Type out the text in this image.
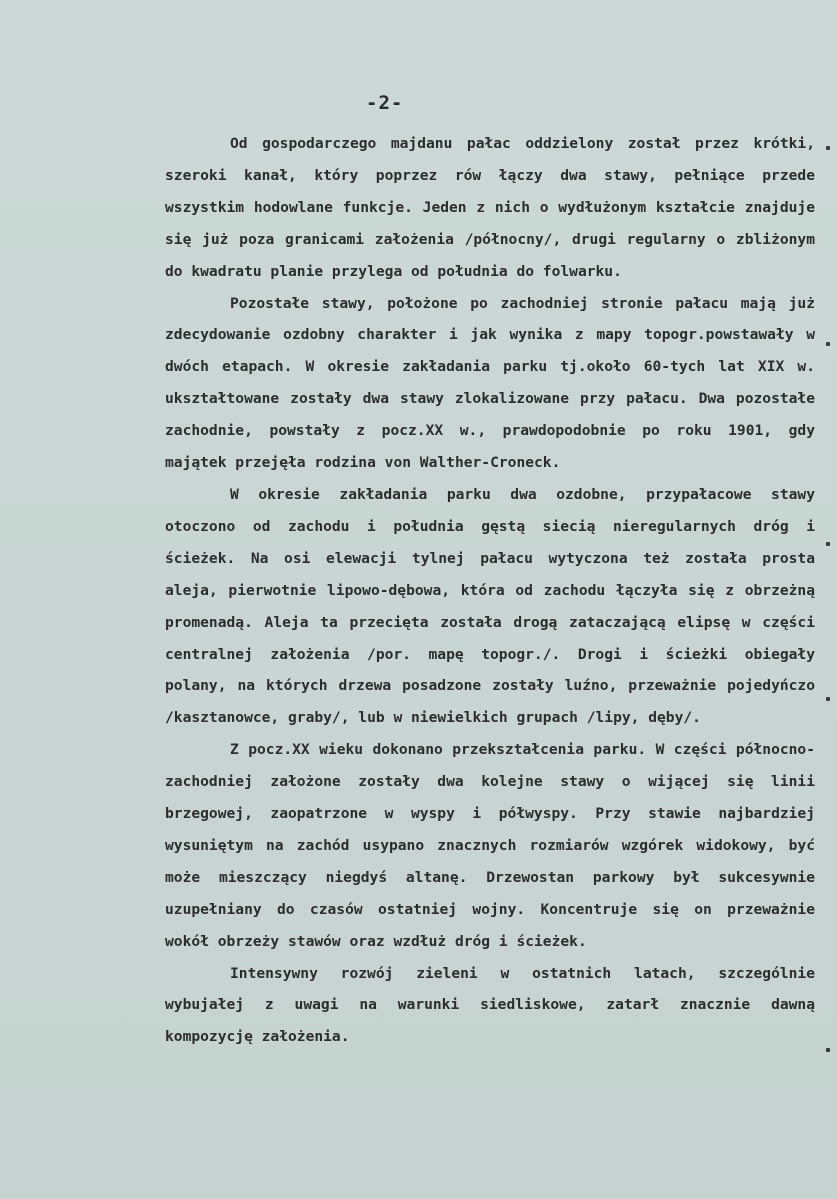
-2-

Od gospodarczego majdanu pałac oddzielony został przez krótki, szeroki kanał, który poprzez rów łączy dwa stawy, pełniące przede wszystkim hodowlane funkcje. Jeden z nich o wydłużonym kształcie znajduje się już poza granicami założenia /północny/, drugi regularny o zbliżonym do kwadratu planie przylega od południa do folwarku.

Pozostałe stawy, położone po zachodniej stronie pałacu mają już zdecydowanie ozdobny charakter i jak wynika z mapy topogr.powstawały w dwóch etapach. W okresie zakładania parku tj.około 60-tych lat XIX w. ukształtowane zostały dwa stawy zlokalizowane przy pałacu. Dwa pozostałe zachodnie, powstały z pocz.XX w., prawdopodobnie po roku 1901, gdy majątek przejęła rodzina von Walther-Croneck.

W okresie zakładania parku dwa ozdobne, przypałacowe stawy otoczono od zachodu i południa gęstą siecią nieregularnych dróg i ścieżek. Na osi elewacji tylnej pałacu wytyczona też została prosta aleja, pierwotnie lipowo-dębowa, która od zachodu łączyła się z obrzeżną promenadą. Aleja ta przecięta została drogą zataczającą elipsę w części centralnej założenia /por. mapę topogr./. Drogi i ścieżki obiegały polany, na których drzewa posadzone zostały luźno, przeważnie pojedyńczo /kasztanowce, graby/, lub w niewielkich grupach /lipy, dęby/.

Z pocz.XX wieku dokonano przekształcenia parku. W części północno-zachodniej założone zostały dwa kolejne stawy o wijącej się linii brzegowej, zaopatrzone w wyspy i półwyspy. Przy stawie najbardziej wysuniętym na zachód usypano znacznych rozmiarów wzgórek widokowy, być może mieszczący niegdyś altanę. Drzewostan parkowy był sukcesywnie uzupełniany do czasów ostatniej wojny. Koncentruje się on przeważnie wokół obrzeży stawów oraz wzdłuż dróg i ścieżek.

Intensywny rozwój zieleni w ostatnich latach, szczególnie wybujałej z uwagi na warunki siedliskowe, zatarł znacznie dawną kompozycję założenia.
